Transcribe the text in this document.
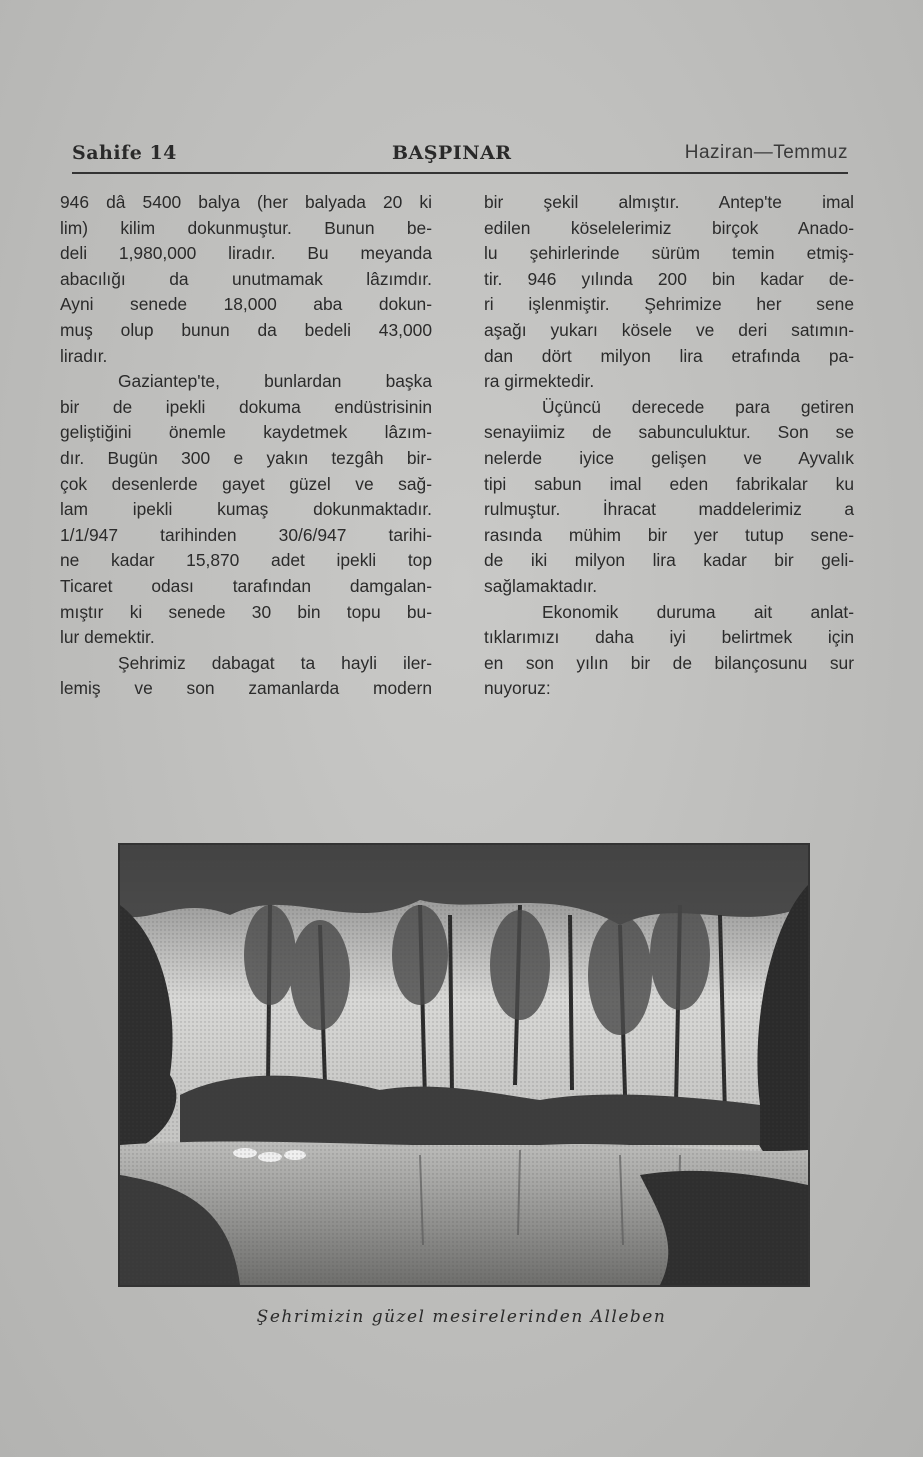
Sahife 14	BAŞPINAR	Haziran—Temmuz
946 dâ 5400 balya (her balyada 20 ki
lim) kilim dokunmuştur. Bunun be-
deli 1,980,000 liradır. Bu meyanda
abacılığı da unutmamak lâzımdır.
Ayni senede 18,000 aba dokun-
muş olup bunun da bedeli 43,000
liradır.
Gaziantep'te, bunlardan başka
bir de ipekli dokuma endüstrisinin
geliştiğini önemle kaydetmek lâzım-
dır. Bugün 300 e yakın tezgâh bir-
çok desenlerde gayet güzel ve sağ-
lam ipekli kumaş dokunmaktadır.
1/1/947 tarihinden 30/6/947 tarihi-
ne kadar 15,870 adet ipekli top
Ticaret odası tarafından damgalan-
mıştır ki senede 30 bin topu bu-
lur demektir.
Şehrimiz dabagat ta hayli iler-
lemiş ve son zamanlarda modern
bir şekil almıştır. Antep'te imal
edilen köselelerimiz birçok Anado-
lu şehirlerinde sürüm temin etmiş-
tir. 946 yılında 200 bin kadar de-
ri işlenmiştir. Şehrimize her sene
aşağı yukarı kösele ve deri satımın-
dan dört milyon lira etrafında pa-
ra girmektedir.
Üçüncü derecede para getiren
senayiimiz de sabunculuktur. Son se
nelerde iyice gelişen ve Ayvalık
tipi sabun imal eden fabrikalar ku
rulmuştur. İhracat maddelerimiz a
rasında mühim bir yer tutup sene-
de iki milyon lira kadar bir geli-
sağlamaktadır.
Ekonomik duruma ait anlat-
tıklarımızı daha iyi belirtmek için
en son yılın bir de bilançosunu sur
nuyoruz:
Şehrimizin güzel mesirelerinden Alleben
